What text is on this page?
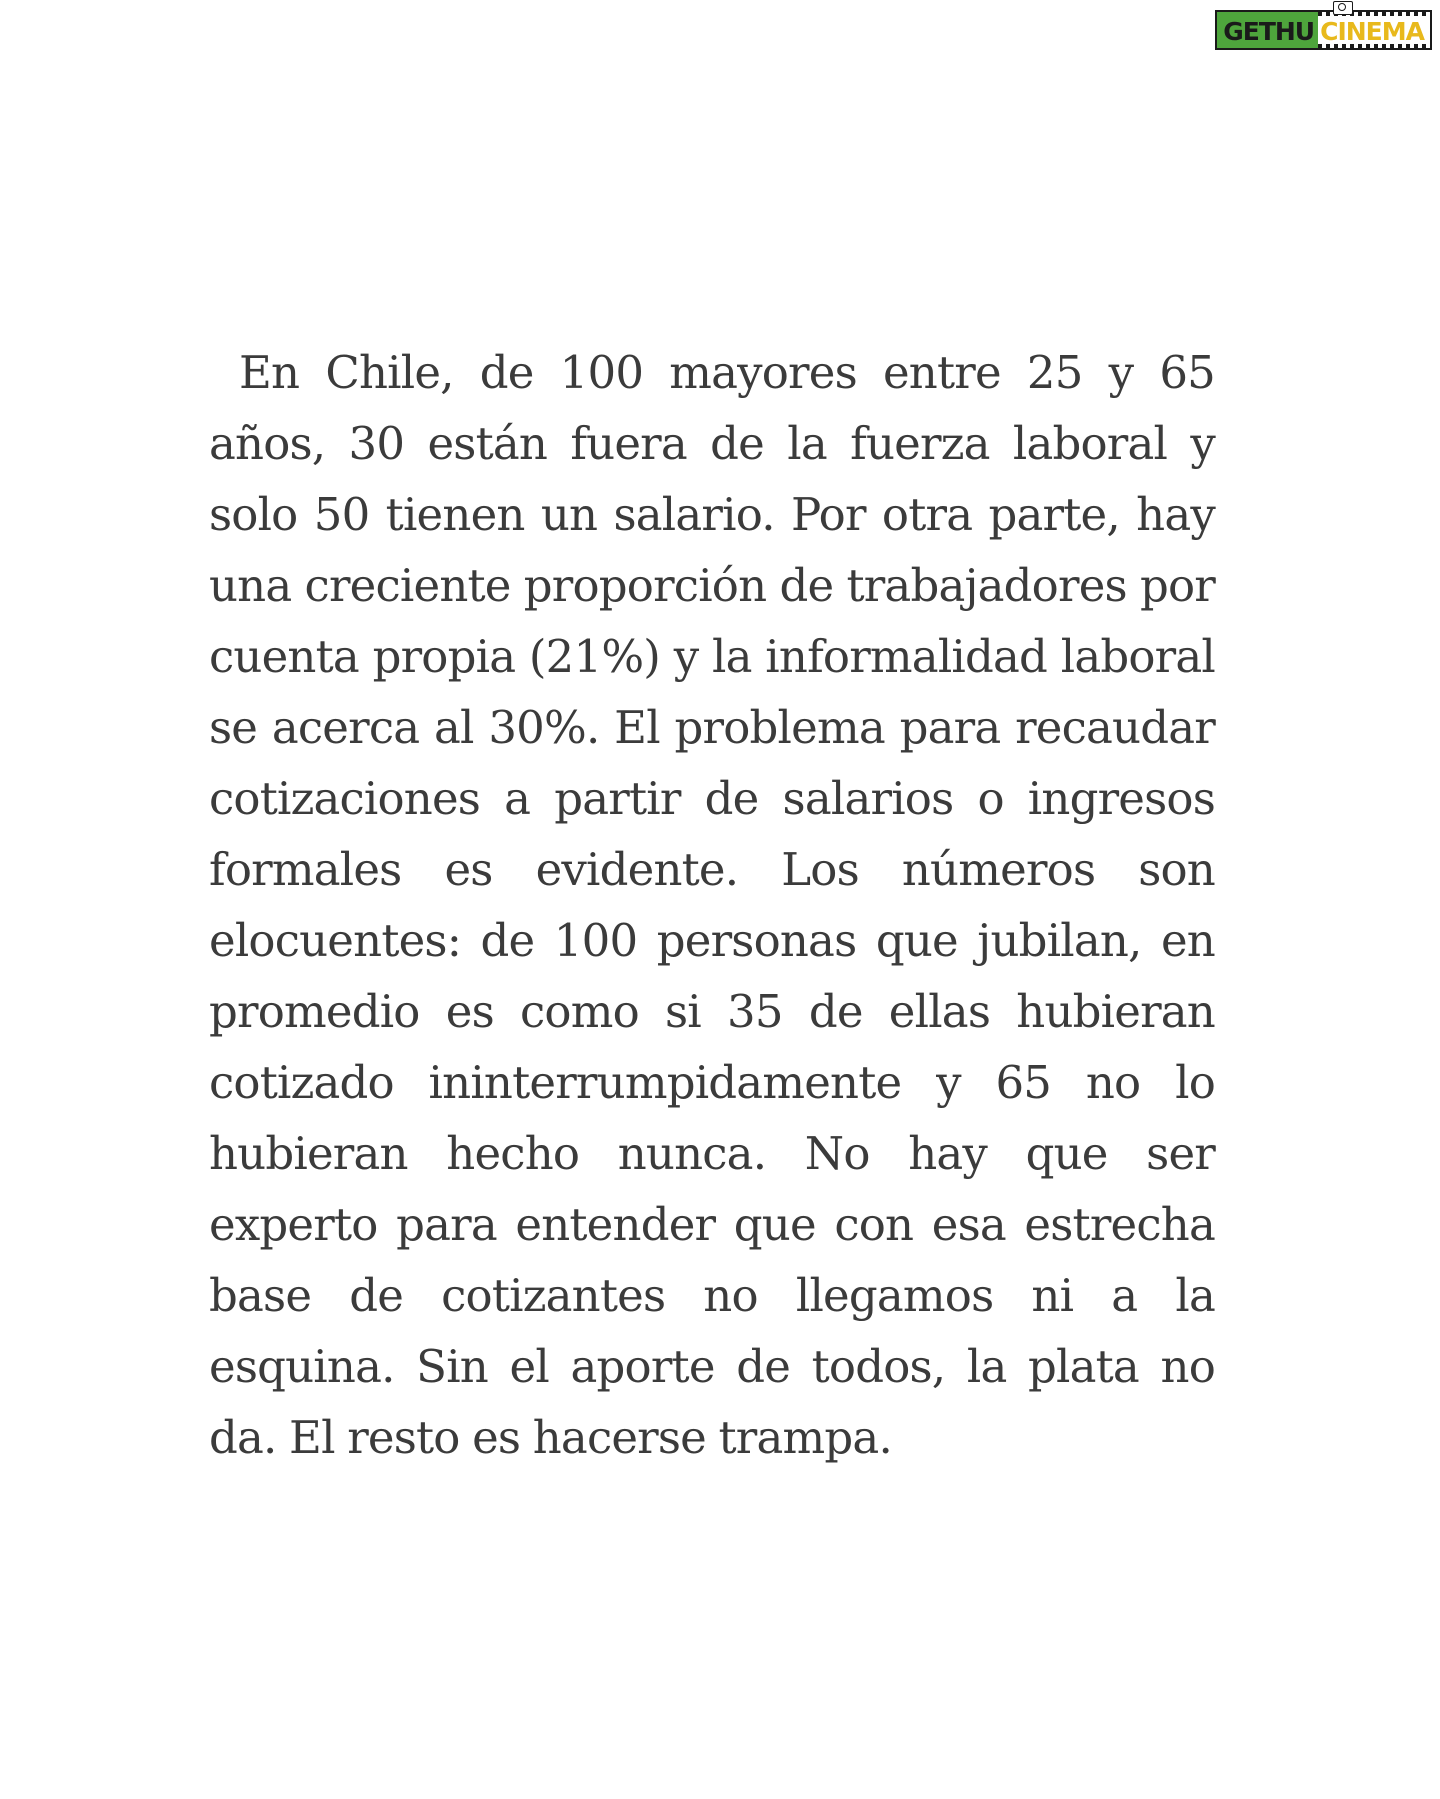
GETHU CINEMA

En Chile, de 100 mayores entre 25 y 65 años, 30 están fuera de la fuerza laboral y solo 50 tienen un salario. Por otra parte, hay una creciente proporción de trabajadores por cuenta propia (21%) y la informalidad laboral se acerca al 30%. El problema para recaudar cotizaciones a partir de salarios o ingresos formales es evidente. Los números son elocuentes: de 100 personas que jubilan, en promedio es como si 35 de ellas hubieran cotizado ininterrumpidamente y 65 no lo hubieran hecho nunca. No hay que ser experto para entender que con esa estrecha base de cotizantes no llegamos ni a la esquina. Sin el aporte de todos, la plata no da. El resto es hacerse trampa.
